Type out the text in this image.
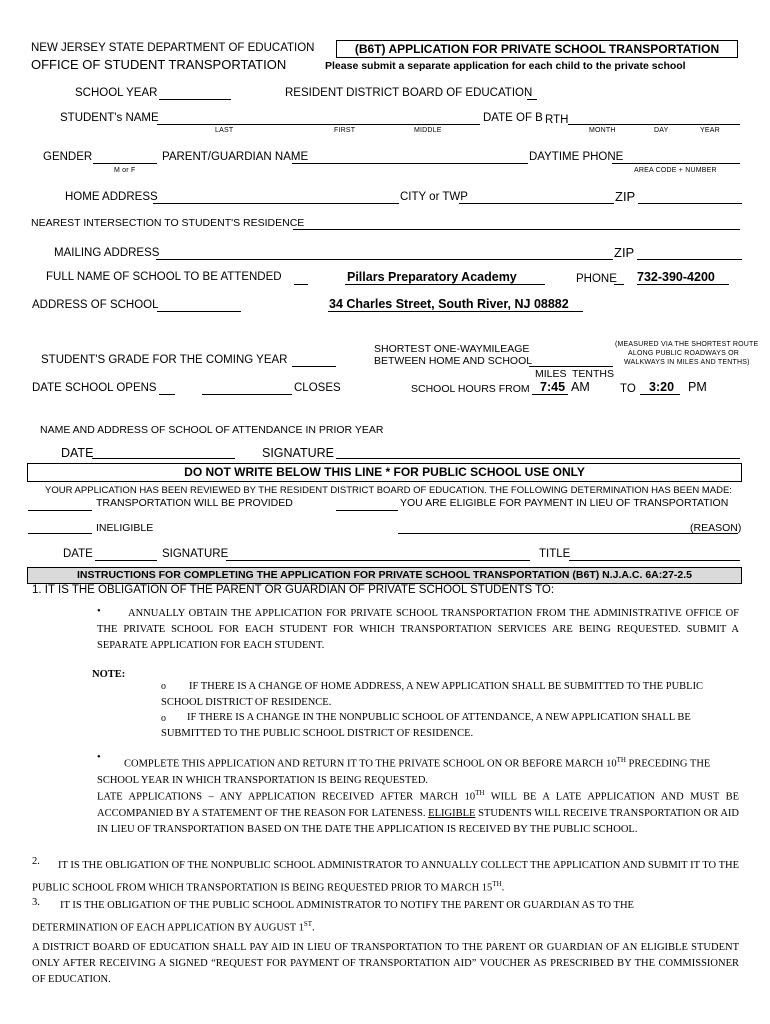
NEW JERSEY STATE DEPARTMENT OF EDUCATION
OFFICE OF STUDENT TRANSPORTATION
(B6T) APPLICATION FOR PRIVATE SCHOOL TRANSPORTATION
Please submit a separate application for each child to the private school
SCHOOL YEAR	RESIDENT DISTRICT BOARD OF EDUCATION
STUDENT's NAME	DATE OF B RTH
LAST	FIRST	MIDDLE	MONTH	DAY	YEAR
GENDER	PARENT/GUARDIAN NAME	DAYTIME PHONE
M or F	AREA CODE + NUMBER
HOME ADDRESS	CITY or TWP	ZIP
NEAREST INTERSECTION TO STUDENT'S RESIDENCE
MAILING ADDRESS	ZIP
FULL NAME OF SCHOOL TO BE ATTENDED	Pillars Preparatory Academy	PHONE 732-390-4200
ADDRESS OF SCHOOL	34 Charles Street, South River, NJ 08882
SHORTEST ONE-WAYMILEAGE
BETWEEN HOME AND SCHOOL
(MEASURED VIA THE SHORTEST ROUTE
ALONG PUBLIC ROADWAYS OR
WALKWAYS IN MILES AND TENTHS)
STUDENT'S GRADE FOR THE COMING YEAR
MILES TENTHS
DATE SCHOOL OPENS	CLOSES	SCHOOL HOURS FROM 7:45 AM	TO 3:20 PM
NAME AND ADDRESS OF SCHOOL OF ATTENDANCE IN PRIOR YEAR
DATE	SIGNATURE
DO NOT WRITE BELOW THIS LINE * FOR PUBLIC SCHOOL USE ONLY
YOUR APPLICATION HAS BEEN REVIEWED BY THE RESIDENT DISTRICT BOARD OF EDUCATION. THE FOLLOWING DETERMINATION HAS BEEN MADE:
TRANSPORTATION WILL BE PROVIDED	YOU ARE ELIGIBLE FOR PAYMENT IN LIEU OF TRANSPORTATION
INELIGIBLE	(REASON)
DATE	SIGNATURE	TITLE
INSTRUCTIONS FOR COMPLETING THE APPLICATION FOR PRIVATE SCHOOL TRANSPORTATION (B6T) N.J.A.C. 6A:27-2.5
1. IT IS THE OBLIGATION OF THE PARENT OR GUARDIAN OF PRIVATE SCHOOL STUDENTS TO:
•	ANNUALLY OBTAIN THE APPLICATION FOR PRIVATE SCHOOL TRANSPORTATION FROM THE ADMINISTRATIVE OFFICE OF THE PRIVATE SCHOOL FOR EACH STUDENT FOR WHICH TRANSPORTATION SERVICES ARE BEING REQUESTED. SUBMIT A SEPARATE APPLICATION FOR EACH STUDENT.
NOTE:
o	IF THERE IS A CHANGE OF HOME ADDRESS, A NEW APPLICATION SHALL BE SUBMITTED TO THE PUBLIC SCHOOL DISTRICT OF RESIDENCE.
o	IF THERE IS A CHANGE IN THE NONPUBLIC SCHOOL OF ATTENDANCE, A NEW APPLICATION SHALL BE SUBMITTED TO THE PUBLIC SCHOOL DISTRICT OF RESIDENCE.
•
COMPLETE THIS APPLICATION AND RETURN IT TO THE PRIVATE SCHOOL ON OR BEFORE MARCH 10TH PRECEDING THE SCHOOL YEAR IN WHICH TRANSPORTATION IS BEING REQUESTED.
LATE APPLICATIONS – ANY APPLICATION RECEIVED AFTER MARCH 10TH WILL BE A LATE APPLICATION AND MUST BE ACCOMPANIED BY A STATEMENT OF THE REASON FOR LATENESS. ELIGIBLE STUDENTS WILL RECEIVE TRANSPORTATION OR AID IN LIEU OF TRANSPORTATION BASED ON THE DATE THE APPLICATION IS RECEIVED BY THE PUBLIC SCHOOL.
2.	IT IS THE OBLIGATION OF THE NONPUBLIC SCHOOL ADMINISTRATOR TO ANNUALLY COLLECT THE APPLICATION AND SUBMIT IT TO THE PUBLIC SCHOOL FROM WHICH TRANSPORTATION IS BEING REQUESTED PRIOR TO MARCH 15TH.
3.	IT IS THE OBLIGATION OF THE PUBLIC SCHOOL ADMINISTRATOR TO NOTIFY THE PARENT OR GUARDIAN AS TO THE DETERMINATION OF EACH APPLICATION BY AUGUST 1ST.
A DISTRICT BOARD OF EDUCATION SHALL PAY AID IN LIEU OF TRANSPORTATION TO THE PARENT OR GUARDIAN OF AN ELIGIBLE STUDENT ONLY AFTER RECEIVING A SIGNED “REQUEST FOR PAYMENT OF TRANSPORTATION AID” VOUCHER AS PRESCRIBED BY THE COMMISSIONER OF EDUCATION.
